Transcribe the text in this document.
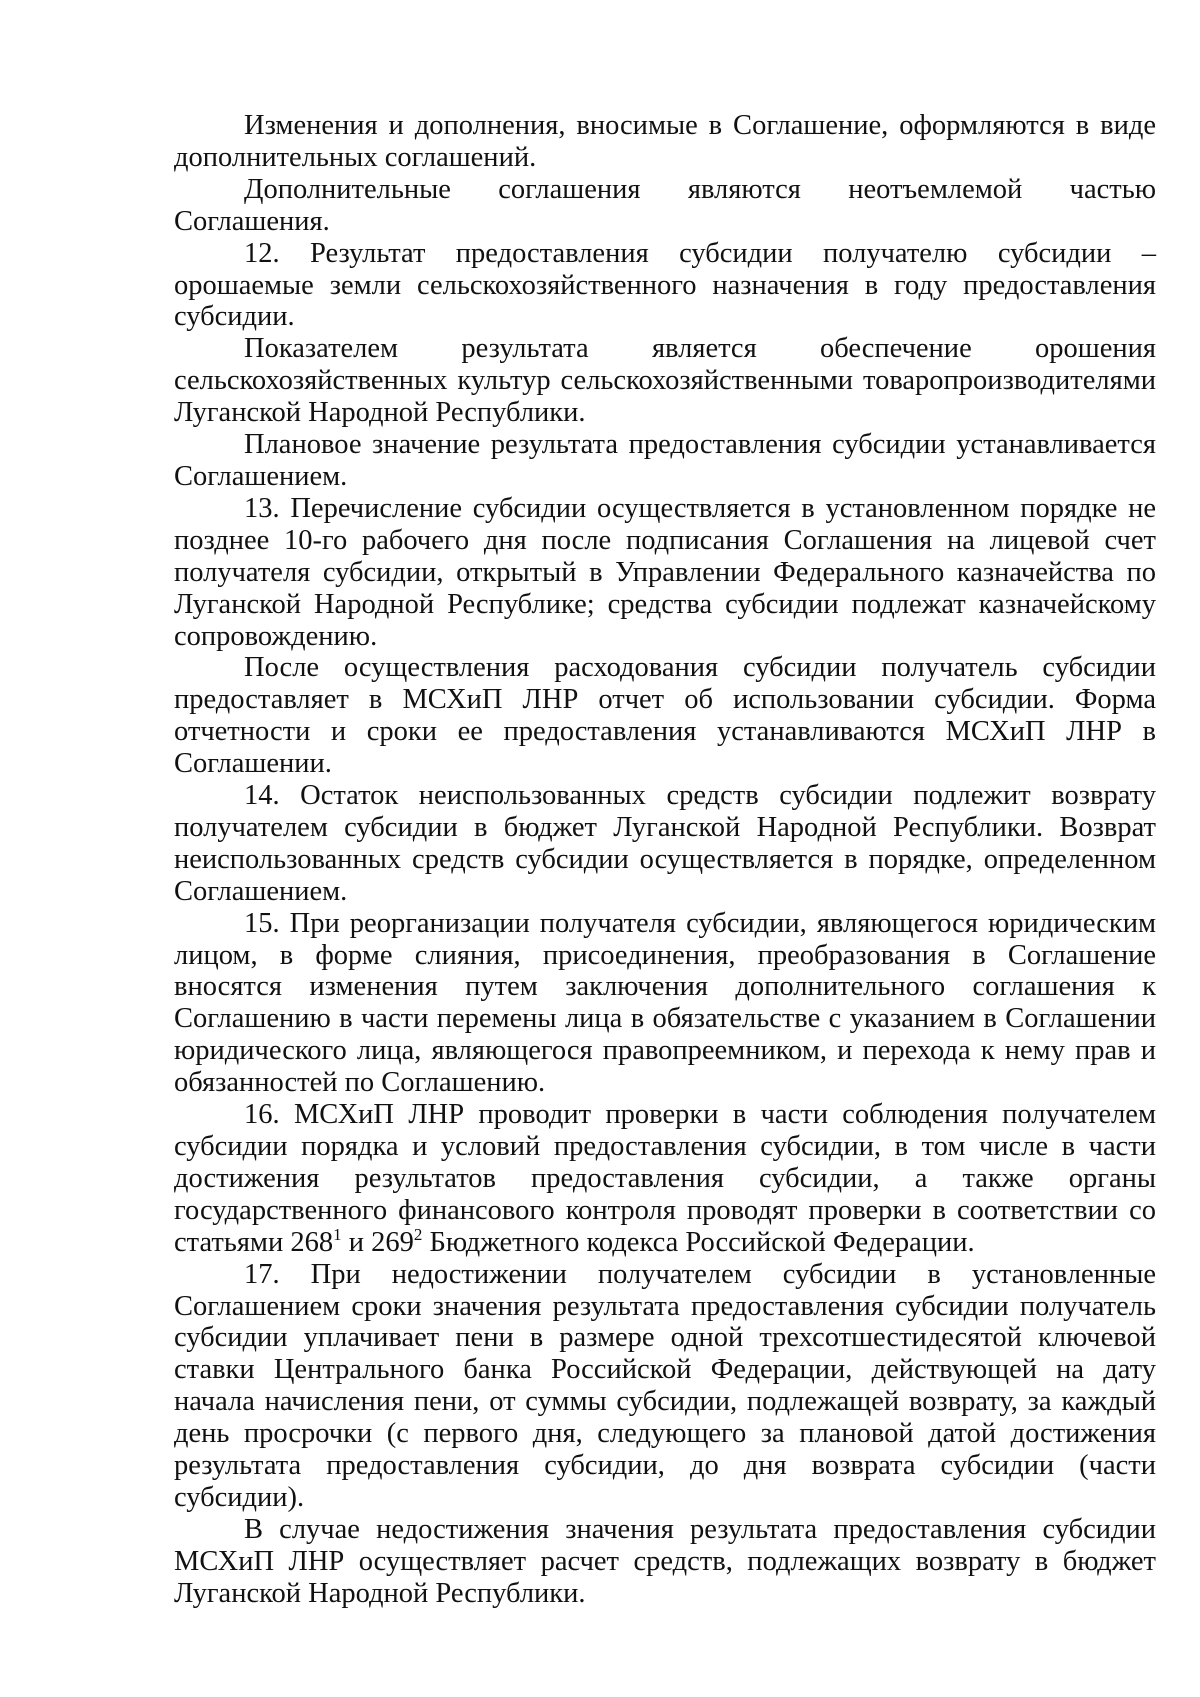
Изменения и дополнения, вносимые в Соглашение, оформляются в виде дополнительных соглашений.

Дополнительные соглашения являются неотъемлемой частью Соглашения.

12. Результат предоставления субсидии получателю субсидии – орошаемые земли сельскохозяйственного назначения в году предоставления субсидии.

Показателем результата является обеспечение орошения сельскохозяйственных культур сельскохозяйственными товаропроизводителями Луганской Народной Республики.

Плановое значение результата предоставления субсидии устанавливается Соглашением.

13. Перечисление субсидии осуществляется в установленном порядке не позднее 10-го рабочего дня после подписания Соглашения на лицевой счет получателя субсидии, открытый в Управлении Федерального казначейства по Луганской Народной Республике; средства субсидии подлежат казначейскому сопровождению.

После осуществления расходования субсидии получатель субсидии предоставляет в МСХиП ЛНР отчет об использовании субсидии. Форма отчетности и сроки ее предоставления устанавливаются МСХиП ЛНР в Соглашении.

14. Остаток неиспользованных средств субсидии подлежит возврату получателем субсидии в бюджет Луганской Народной Республики. Возврат неиспользованных средств субсидии осуществляется в порядке, определенном Соглашением.

15. При реорганизации получателя субсидии, являющегося юридическим лицом, в форме слияния, присоединения, преобразования в Соглашение вносятся изменения путем заключения дополнительного соглашения к Соглашению в части перемены лица в обязательстве с указанием в Соглашении юридического лица, являющегося правопреемником, и перехода к нему прав и обязанностей по Соглашению.

16. МСХиП ЛНР проводит проверки в части соблюдения получателем субсидии порядка и условий предоставления субсидии, в том числе в части достижения результатов предоставления субсидии, а также органы государственного финансового контроля проводят проверки в соответствии со статьями $268^1$ и $269^2$ Бюджетного кодекса Российской Федерации.

17. При недостижении получателем субсидии в установленные Соглашением сроки значения результата предоставления субсидии получатель субсидии уплачивает пени в размере одной трехсотшестидесятой ключевой ставки Центрального банка Российской Федерации, действующей на дату начала начисления пени, от суммы субсидии, подлежащей возврату, за каждый день просрочки (с первого дня, следующего за плановой датой достижения результата предоставления субсидии, до дня возврата субсидии (части субсидии).

В случае недостижения значения результата предоставления субсидии МСХиП ЛНР осуществляет расчет средств, подлежащих возврату в бюджет Луганской Народной Республики.
